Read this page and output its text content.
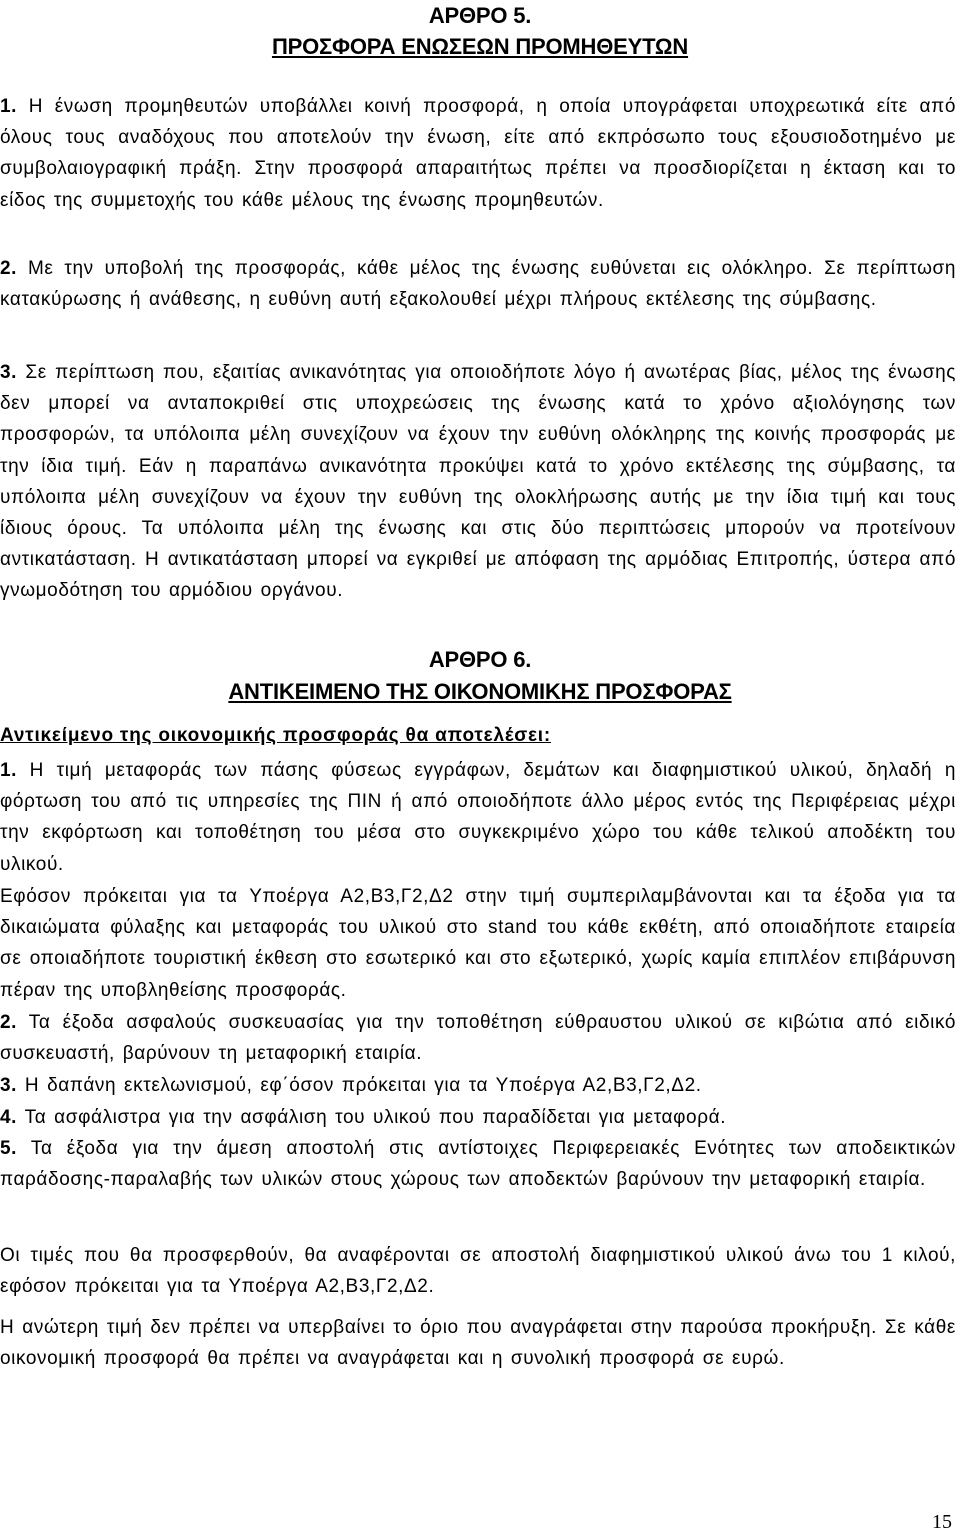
ΑΡΘΡΟ 5.
ΠΡΟΣΦΟΡΑ ΕΝΩΣΕΩΝ ΠΡΟΜΗΘΕΥΤΩΝ
1. Η ένωση προμηθευτών υποβάλλει κοινή προσφορά, η οποία υπογράφεται υποχρεωτικά είτε από όλους τους αναδόχους που αποτελούν την ένωση, είτε από εκπρόσωπο τους εξουσιοδοτημένο με συμβολαιογραφική πράξη. Στην προσφορά απαραιτήτως πρέπει να προσδιορίζεται η έκταση και το είδος της συμμετοχής του κάθε μέλους της ένωσης προμηθευτών.
2. Με την υποβολή της προσφοράς, κάθε μέλος της ένωσης ευθύνεται εις ολόκληρο. Σε περίπτωση κατακύρωσης ή ανάθεσης, η ευθύνη αυτή εξακολουθεί μέχρι πλήρους εκτέλεσης της σύμβασης.
3. Σε περίπτωση που, εξαιτίας ανικανότητας για οποιοδήποτε λόγο ή ανωτέρας βίας, μέλος της ένωσης δεν μπορεί να ανταποκριθεί στις υποχρεώσεις της ένωσης κατά το χρόνο αξιολόγησης των προσφορών, τα υπόλοιπα μέλη συνεχίζουν να έχουν την ευθύνη ολόκληρης της κοινής προσφοράς με την ίδια τιμή. Εάν η παραπάνω ανικανότητα προκύψει κατά το χρόνο εκτέλεσης της σύμβασης, τα υπόλοιπα μέλη συνεχίζουν να έχουν την ευθύνη της ολοκλήρωσης αυτής με την ίδια τιμή και τους ίδιους όρους. Τα υπόλοιπα μέλη της ένωσης και στις δύο περιπτώσεις μπορούν να προτείνουν αντικατάσταση. Η αντικατάσταση μπορεί να εγκριθεί με απόφαση της αρμόδιας Επιτροπής, ύστερα από γνωμοδότηση του αρμόδιου οργάνου.
ΑΡΘΡΟ 6.
ΑΝΤΙΚΕΙΜΕΝΟ ΤΗΣ ΟΙΚΟΝΟΜΙΚΗΣ ΠΡΟΣΦΟΡΑΣ
Αντικείμενο της οικονομικής προσφοράς θα αποτελέσει:
1. Η τιμή μεταφοράς των πάσης φύσεως εγγράφων, δεμάτων και διαφημιστικού υλικού, δηλαδή η φόρτωση του από τις υπηρεσίες της ΠΙΝ ή από οποιοδήποτε άλλο μέρος εντός της Περιφέρειας μέχρι την εκφόρτωση και τοποθέτηση του μέσα στο συγκεκριμένο χώρο του κάθε τελικού αποδέκτη του υλικού.
Εφόσον πρόκειται για τα Υποέργα Α2,Β3,Γ2,Δ2 στην τιμή συμπεριλαμβάνονται και τα έξοδα για τα δικαιώματα φύλαξης και μεταφοράς του υλικού στο stand του κάθε εκθέτη, από οποιαδήποτε εταιρεία σε οποιαδήποτε τουριστική έκθεση στο εσωτερικό και στο εξωτερικό, χωρίς καμία επιπλέον επιβάρυνση πέραν της υποβληθείσης προσφοράς.
2. Τα έξοδα ασφαλούς συσκευασίας για την τοποθέτηση εύθραυστου υλικού σε κιβώτια από ειδικό συσκευαστή, βαρύνουν τη μεταφορική εταιρία.
3. Η δαπάνη εκτελωνισμού, εφ΄όσον πρόκειται για τα Υποέργα Α2,Β3,Γ2,Δ2.
4. Τα ασφάλιστρα για την ασφάλιση του υλικού που παραδίδεται για μεταφορά.
5. Τα έξοδα για την άμεση αποστολή στις αντίστοιχες Περιφερειακές Ενότητες των αποδεικτικών παράδοσης-παραλαβής των υλικών στους χώρους των αποδεκτών βαρύνουν την μεταφορική εταιρία.
Οι τιμές που θα προσφερθούν, θα αναφέρονται σε αποστολή διαφημιστικού υλικού άνω του 1 κιλού, εφόσον πρόκειται για τα Υποέργα Α2,Β3,Γ2,Δ2.
Η ανώτερη τιμή δεν πρέπει να υπερβαίνει το όριο που αναγράφεται στην παρούσα προκήρυξη. Σε κάθε οικονομική προσφορά θα πρέπει να αναγράφεται και η συνολική προσφορά σε ευρώ.
15
